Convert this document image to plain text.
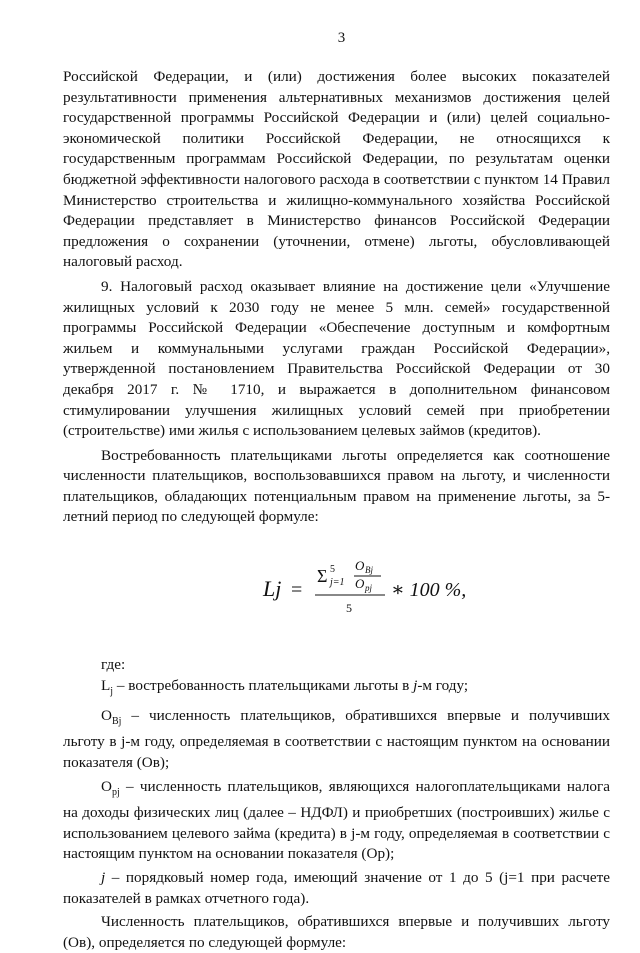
3

Российской Федерации, и (или) достижения более высоких показателей результативности применения альтернативных механизмов достижения целей государственной программы Российской Федерации и (или) целей социально-экономической политики Российской Федерации, не относящихся к государственным программам Российской Федерации, по результатам оценки бюджетной эффективности налогового расхода в соответствии с пунктом 14 Правил Министерство строительства и жилищно-коммунального хозяйства Российской Федерации представляет в Министерство финансов Российской Федерации предложения о сохранении (уточнении, отмене) льготы, обусловливающей налоговый расход.

9. Налоговый расход оказывает влияние на достижение цели «Улучшение жилищных условий к 2030 году не менее 5 млн. семей» государственной программы Российской Федерации «Обеспечение доступным и комфортным жильем и коммунальными услугами граждан Российской Федерации», утвержденной постановлением Правительства Российской Федерации от 30 декабря 2017 г. № 1710, и выражается в дополнительном финансовом стимулировании улучшения жилищных условий семей при приобретении (строительстве) ими жилья с использованием целевых займов (кредитов).

Востребованность плательщиками льготы определяется как соотношение численности плательщиков, воспользовавшихся правом на льготу, и численности плательщиков, обладающих потенциальным правом на применение льготы, за 5-летний период по следующей формуле:

Lj =
Σ 5
j=1
O Bj
O pj
5
∗ 100 %,
где:

$L_j$ – востребованность плательщиками льготы в j-м году;

$O_{Bj}$ – численность плательщиков, обратившихся впервые и получивших льготу в j-м году, определяемая в соответствии с настоящим пунктом на основании показателя (Oв);

$O_{pj}$ – численность плательщиков, являющихся налогоплательщиками налога на доходы физических лиц (далее – НДФЛ) и приобретших (построивших) жилье с использованием целевого займа (кредита) в j-м году, определяемая в соответствии с настоящим пунктом на основании показателя (Oр);

j – порядковый номер года, имеющий значение от 1 до 5 (j=1 при расчете показателей в рамках отчетного года).

Численность плательщиков, обратившихся впервые и получивших льготу (Oв), определяется по следующей формуле:
